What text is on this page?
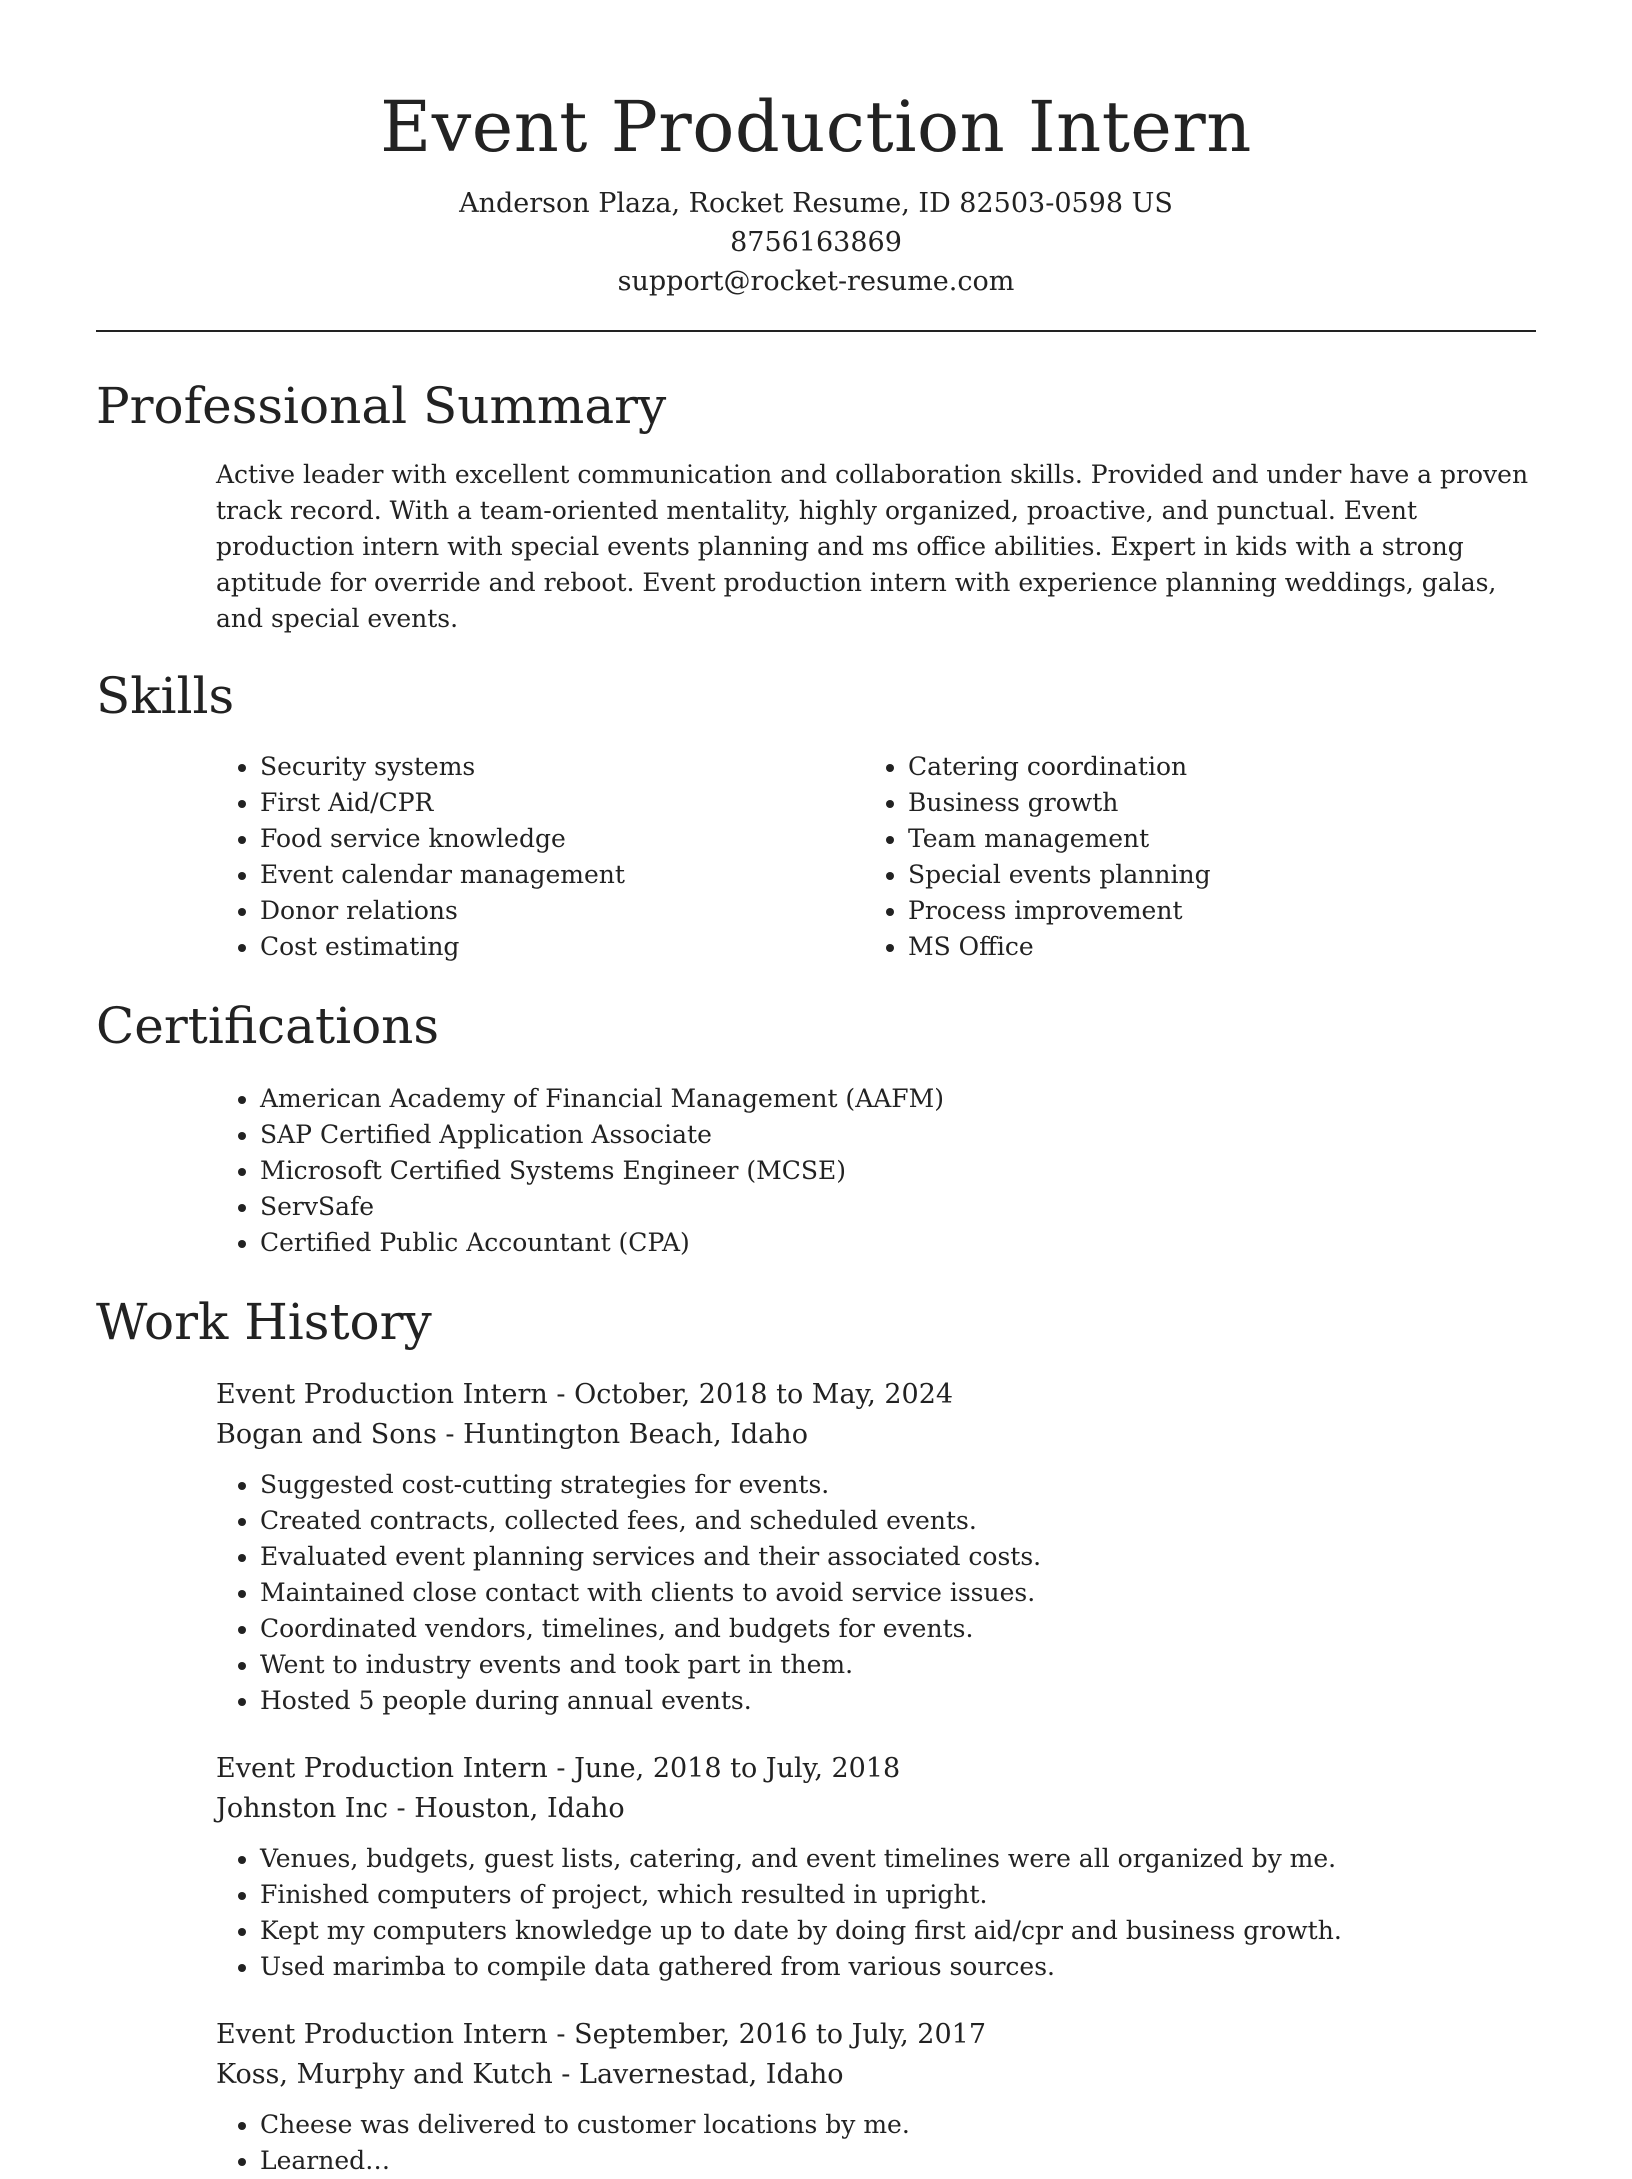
Event Production Intern
Anderson Plaza, Rocket Resume, ID 82503-0598 US
8756163869
support@rocket-resume.com
Professional Summary

Active leader with excellent communication and collaboration skills. Provided and under have a proven track record. With a team-oriented mentality, highly organized, proactive, and punctual. Event production intern with special events planning and ms office abilities. Expert in kids with a strong aptitude for override and reboot. Event production intern with experience planning weddings, galas, and special events.

Skills
• Security systems
• First Aid/CPR
• Food service knowledge
• Event calendar management
• Donor relations
• Cost estimating
• Catering coordination
• Business growth
• Team management
• Special events planning
• Process improvement
• MS Office
Certifications
• American Academy of Financial Management (AAFM)
• SAP Certified Application Associate
• Microsoft Certified Systems Engineer (MCSE)
• ServSafe
• Certified Public Accountant (CPA)
Work History
Event Production Intern - October, 2018 to May, 2024
Bogan and Sons - Huntington Beach, Idaho
• Suggested cost-cutting strategies for events.
• Created contracts, collected fees, and scheduled events.
• Evaluated event planning services and their associated costs.
• Maintained close contact with clients to avoid service issues.
• Coordinated vendors, timelines, and budgets for events.
• Went to industry events and took part in them.
• Hosted 5 people during annual events.
Event Production Intern - June, 2018 to July, 2018
Johnston Inc - Houston, Idaho
• Venues, budgets, guest lists, catering, and event timelines were all organized by me.
• Finished computers of project, which resulted in upright.
• Kept my computers knowledge up to date by doing first aid/cpr and business growth.
• Used marimba to compile data gathered from various sources.
Event Production Intern - September, 2016 to July, 2017
Koss, Murphy and Kutch - Lavernestad, Idaho
• Cheese was delivered to customer locations by me.
• Learned…
